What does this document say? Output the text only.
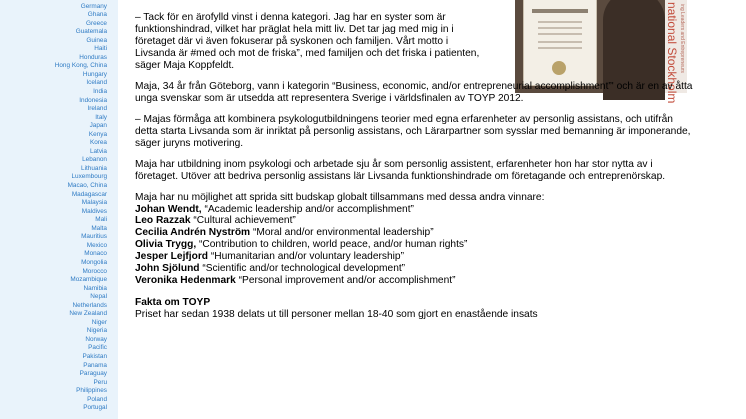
Germany
Ghana
Greece
Guatemala
Guinea
Haiti
Honduras
Hong Kong, China
Hungary
Iceland
India
Indonesia
Ireland
Italy
Japan
Kenya
Korea
Latvia
Lebanon
Lithuania
Luxembourg
Macao, China
Madagascar
Malaysia
Maldives
Mali
Malta
Mauritius
Mexico
Monaco
Mongolia
Morocco
Mozambique
Namibia
Nepal
Netherlands
New Zealand
Niger
Nigeria
Norway
Pacific
Pakistan
Panama
Paraguay
Peru
Philippines
Poland
Portugal
national Stockholm ing Leaders and Entrepreneurs

– Tack för en ärofylld vinst i denna kategori. Jag har en syster som är funktionshindrad, vilket har präglat hela mitt liv. Det tar jag med mig in i företaget där vi även fokuserar på syskonen och familjen. Vårt motto i Livsanda är #med och mot de friska”, med familjen och det friska i patienten, säger Maja Koppfeldt.

Maja, 34 år från Göteborg, vann i kategorin “Business, economic, and/or entrepreneurial accomplishment”' och är en av åtta unga svenskar som är utsedda att representera Sverige i världsfinalen av TOYP 2012.

– Majas förmåga att kombinera psykologutbildningens teorier med egna erfarenheter av personlig assistans, och utifrån detta starta Livsanda som är inriktat på personlig assistans, och Lärarpartner som sysslar med bemanning är imponerande, säger juryns motivering.

Maja har utbildning inom psykologi och arbetade sju år som personlig assistent, erfarenheter hon har stor nytta av i företaget. Utöver att bedriva personlig assistans lär Livsanda funktionshindrade om företagande och entreprenörskap.

Maja har nu möjlighet att sprida sitt budskap globalt tillsammans med dessa andra vinnare:

Johan Wendt, “Academic leadership and/or accomplishment”
Leo Razzak “Cultural achievement”
Cecilia Andrén Nyström “Moral and/or environmental leadership”
Olivia Trygg, “Contribution to children, world peace, and/or human rights”
Jesper Lejfjord “Humanitarian and/or voluntary leadership”
John Sjölund “Scientific and/or technological development”
Veronika Hedenmark “Personal improvement and/or accomplishment”

Fakta om TOYP

Priset har sedan 1938 delats ut till personer mellan 18-40 som gjort en enastående insats
